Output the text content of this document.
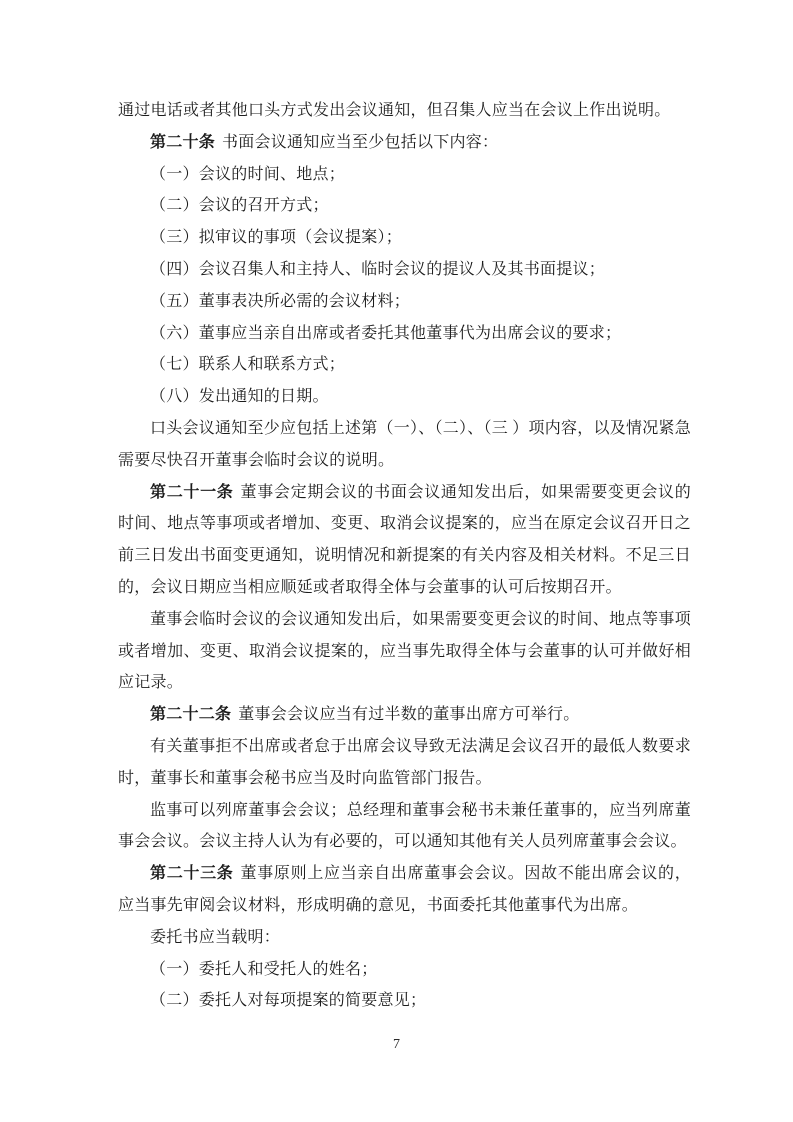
通过电话或者其他口头方式发出会议通知，但召集人应当在会议上作出说明。

第二十条 书面会议通知应当至少包括以下内容：

（一）会议的时间、地点；

（二）会议的召开方式；

（三）拟审议的事项（会议提案）；

（四）会议召集人和主持人、临时会议的提议人及其书面提议；

（五）董事表决所必需的会议材料；

（六）董事应当亲自出席或者委托其他董事代为出席会议的要求；

（七）联系人和联系方式；

（八）发出通知的日期。

口头会议通知至少应包括上述第（一）、（二）、（三 ）项内容，以及情况紧急需要尽快召开董事会临时会议的说明。

第二十一条 董事会定期会议的书面会议通知发出后，如果需要变更会议的时间、地点等事项或者增加、变更、取消会议提案的，应当在原定会议召开日之前三日发出书面变更通知，说明情况和新提案的有关内容及相关材料。不足三日的，会议日期应当相应顺延或者取得全体与会董事的认可后按期召开。

董事会临时会议的会议通知发出后，如果需要变更会议的时间、地点等事项或者增加、变更、取消会议提案的，应当事先取得全体与会董事的认可并做好相应记录。

第二十二条 董事会会议应当有过半数的董事出席方可举行。

有关董事拒不出席或者怠于出席会议导致无法满足会议召开的最低人数要求时，董事长和董事会秘书应当及时向监管部门报告。

监事可以列席董事会会议；总经理和董事会秘书未兼任董事的，应当列席董事会会议。会议主持人认为有必要的，可以通知其他有关人员列席董事会会议。

第二十三条 董事原则上应当亲自出席董事会会议。因故不能出席会议的，应当事先审阅会议材料，形成明确的意见，书面委托其他董事代为出席。

委托书应当载明：

（一）委托人和受托人的姓名；

（二）委托人对每项提案的简要意见；

7
